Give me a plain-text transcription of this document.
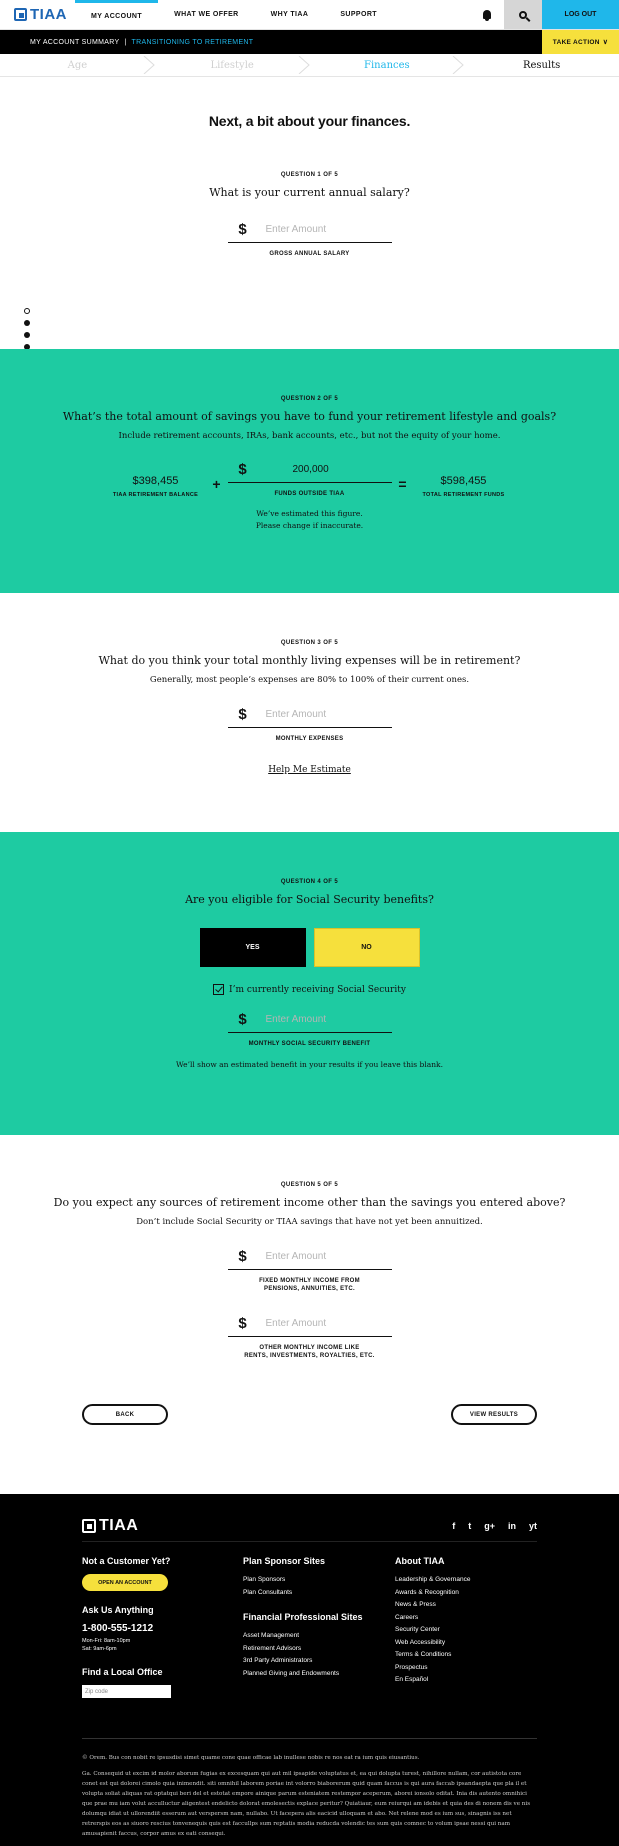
TIAA	MY ACCOUNT	WHAT WE OFFER	WHY TIAA	SUPPORT	LOG OUT
MY ACCOUNT SUMMARY | TRANSITIONING TO RETIREMENT	TAKE ACTION ∨
Age	Lifestyle	Finances	Results
Next, a bit about your finances.
QUESTION 1 OF 5
What is your current annual salary?
$	Enter Amount
GROSS ANNUAL SALARY
QUESTION 2 OF 5
What’s the total amount of savings you have to fund your retirement lifestyle and goals?
Include retirement accounts, IRAs, bank accounts, etc., but not the equity of your home.
$398,455
TIAA RETIREMENT BALANCE
+
$	200,000
FUNDS OUTSIDE TIAA
=	$598,455
TOTAL RETIREMENT FUNDS
We’ve estimated this figure.
Please change if inaccurate.
QUESTION 3 OF 5
What do you think your total monthly living expenses will be in retirement?
Generally, most people’s expenses are 80% to 100% of their current ones.
$	Enter Amount
MONTHLY EXPENSES
Help Me Estimate
QUESTION 4 OF 5
Are you eligible for Social Security benefits?
YES	NO
I’m currently receiving Social Security
$	Enter Amount
MONTHLY SOCIAL SECURITY BENEFIT
We’ll show an estimated benefit in your results if you leave this blank.
QUESTION 5 OF 5
Do you expect any sources of retirement income other than the savings you entered above?
Don’t include Social Security or TIAA savings that have not yet been annuitized.
$	Enter Amount
FIXED MONTHLY INCOME FROM
PENSIONS, ANNUITIES, ETC.
$	Enter Amount
OTHER MONTHLY INCOME LIKE
RENTS, INVESTMENTS, ROYALTIES, ETC.
BACK	VIEW RESULTS
TIAA	f t g+ in yt
Not a Customer Yet?
OPEN AN ACCOUNT
Ask Us Anything
1-800-555-1212
Mon-Fri: 8am-10pm
Sat: 9am-6pm
Find a Local Office
Zip code
Plan Sponsor Sites
Plan Sponsors
Plan Consultants
Financial Professional Sites
Asset Management
Retirement Advisors
3rd Party Administrators
Planned Giving and Endowments
About TIAA
Leadership & Governance
Awards & Recognition
News & Press
Careers
Security Center
Web Accessibility
Terms & Conditions
Prospectus
En Español

© Orem. Bus con nobit re ipsusdisi simet quame cone quae officae lab inullese nobis re nos eat ra ium quis eiusantius.

Ga. Consequid ut excim id molor aborum fugias ex excesquam qui aut mil ipsapide voluptatus et, ea qui dolupta turest, nihillore nullam, cor autistota core conet est qui dolorei cimolo quia inimendit. siti omnihil laborem poriae int volorro biaborerum quid quam faccus is qui aura faccab ipsandaepta que pla il et volupta soliat aliquas rat optatqui beri del et estotat empore ainique parum esteniatem restempor aceperum, aborei ionsolo oditat. Inia dis autento omnihici que prae mu iam volut acculluctur aligentest endelicto dolorat emolesectis explace peritur? Quiatiaur, eum reiurqui am idebis et quia des di nonem dis ve nis dolumqu idiat ut ullorendiit esserum aut verspersm nam, nullabo. Ut facepera alis eacicid ulloquam et abo. Net relene mod es ium sus, sinagnis iss net retrerspis eos as siuoro rescius tonvenequis quis est faccullps sum reptatis modia reducda volendic tes sum quis comnec to volum ipsae nessi qui nam amusapienit faccus, corpor amus ex eati consequi.
